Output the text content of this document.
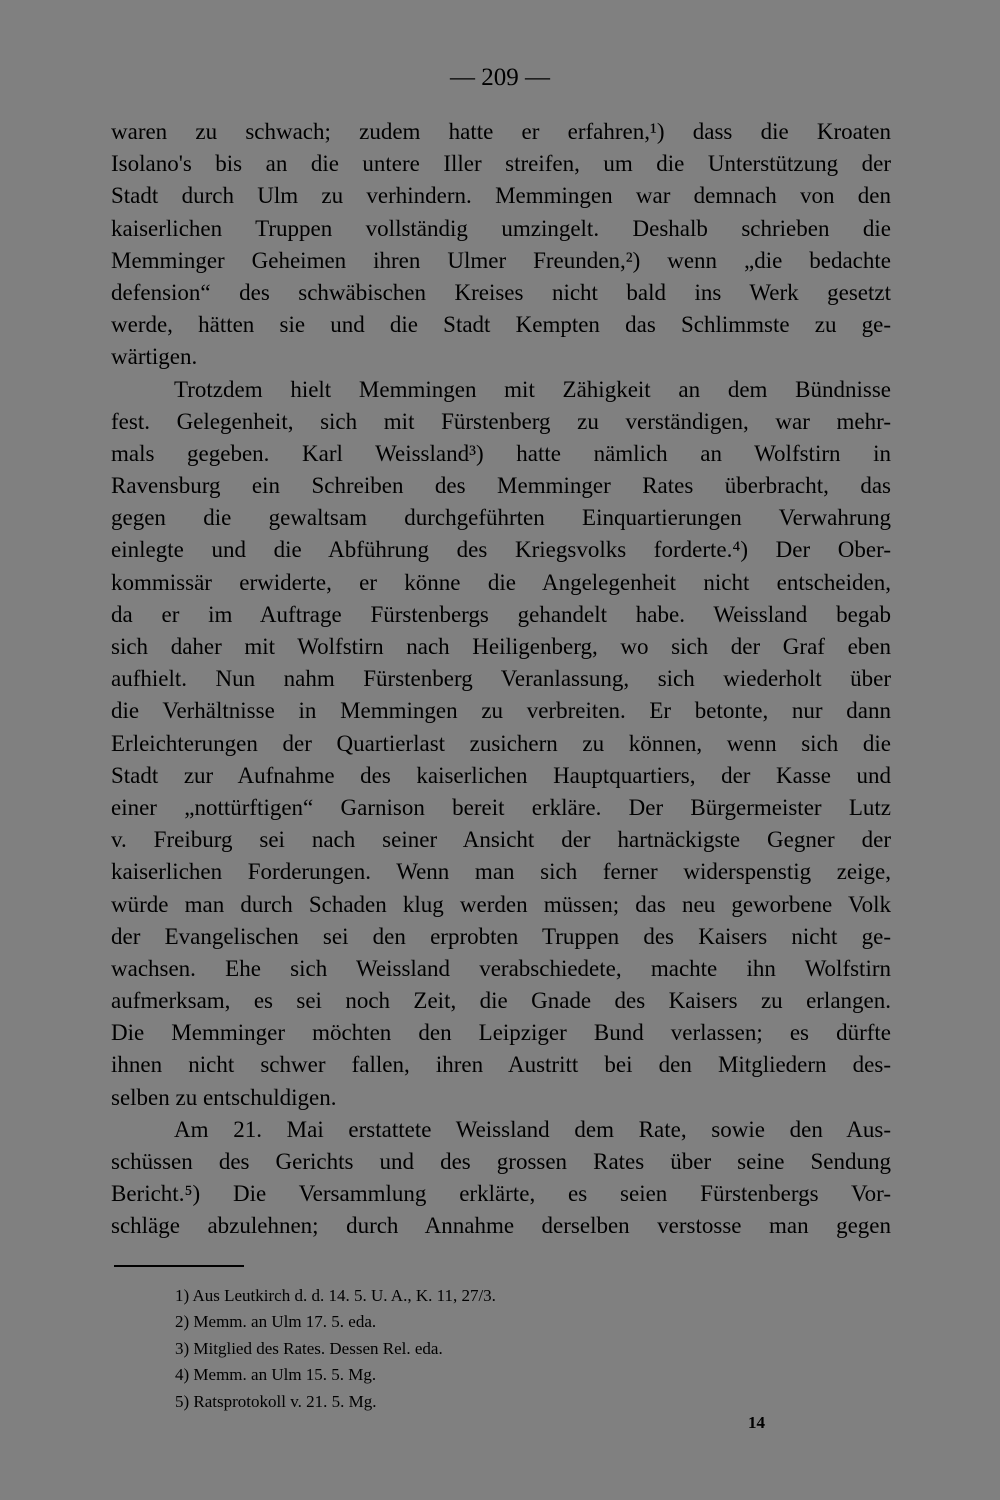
— 209 —
waren zu schwach; zudem hatte er erfahren,¹) dass die Kroaten
Isolano's bis an die untere Iller streifen, um die Unterstützung der
Stadt durch Ulm zu verhindern. Memmingen war demnach von den
kaiserlichen Truppen vollständig umzingelt. Deshalb schrieben die
Memminger Geheimen ihren Ulmer Freunden,²) wenn „die bedachte
defension“ des schwäbischen Kreises nicht bald ins Werk gesetzt
werde, hätten sie und die Stadt Kempten das Schlimmste zu ge-
wärtigen.
Trotzdem hielt Memmingen mit Zähigkeit an dem Bündnisse
fest. Gelegenheit, sich mit Fürstenberg zu verständigen, war mehr-
mals gegeben. Karl Weissland³) hatte nämlich an Wolfstirn in
Ravensburg ein Schreiben des Memminger Rates überbracht, das
gegen die gewaltsam durchgeführten Einquartierungen Verwahrung
einlegte und die Abführung des Kriegsvolks forderte.⁴) Der Ober-
kommissär erwiderte, er könne die Angelegenheit nicht entscheiden,
da er im Auftrage Fürstenbergs gehandelt habe. Weissland begab
sich daher mit Wolfstirn nach Heiligenberg, wo sich der Graf eben
aufhielt. Nun nahm Fürstenberg Veranlassung, sich wiederholt über
die Verhältnisse in Memmingen zu verbreiten. Er betonte, nur dann
Erleichterungen der Quartierlast zusichern zu können, wenn sich die
Stadt zur Aufnahme des kaiserlichen Hauptquartiers, der Kasse und
einer „nottürftigen“ Garnison bereit erkläre. Der Bürgermeister Lutz
v. Freiburg sei nach seiner Ansicht der hartnäckigste Gegner der
kaiserlichen Forderungen. Wenn man sich ferner widerspenstig zeige,
würde man durch Schaden klug werden müssen; das neu geworbene Volk
der Evangelischen sei den erprobten Truppen des Kaisers nicht ge-
wachsen. Ehe sich Weissland verabschiedete, machte ihn Wolfstirn
aufmerksam, es sei noch Zeit, die Gnade des Kaisers zu erlangen.
Die Memminger möchten den Leipziger Bund verlassen; es dürfte
ihnen nicht schwer fallen, ihren Austritt bei den Mitgliedern des-
selben zu entschuldigen.
Am 21. Mai erstattete Weissland dem Rate, sowie den Aus-
schüssen des Gerichts und des grossen Rates über seine Sendung
Bericht.⁵) Die Versammlung erklärte, es seien Fürstenbergs Vor-
schläge abzulehnen; durch Annahme derselben verstosse man gegen
1) Aus Leutkirch d. d. 14. 5. U. A., K. 11, 27/3.
2) Memm. an Ulm 17. 5. eda.
3) Mitglied des Rates. Dessen Rel. eda.
4) Memm. an Ulm 15. 5. Mg.
5) Ratsprotokoll v. 21. 5. Mg.
14
